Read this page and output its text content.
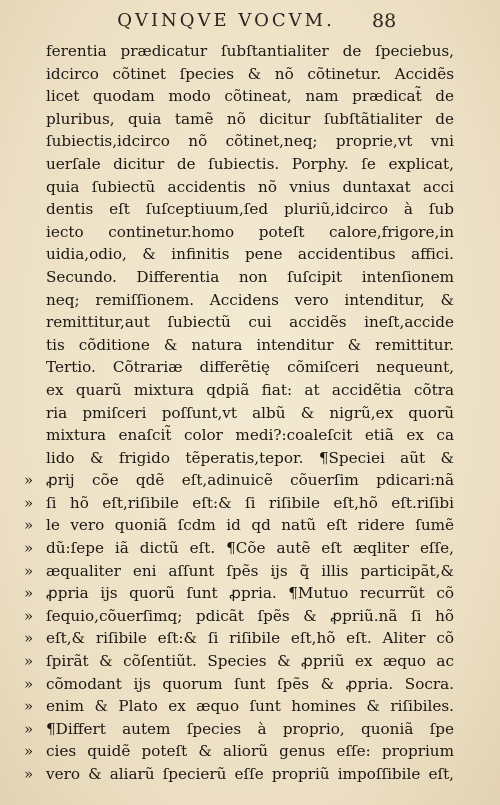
QVINQVE VOCVM.	88
ferentia prædicatur ſubſtantialiter de ſpeciebus,
idcirco cõtinet ſpecies & nõ cõtinetur. Accidẽs
licet quodam modo cõtineat, nam prædicat̃ de
pluribus, quia tamẽ nõ dicitur ſubſtãtialiter de
ſubiectis,idcirco nõ cõtinet,neq; proprie,vt vni
uerſale dicitur de ſubiectis. Porphy. ſe explicat,
quia ſubiectũ accidentis nõ vnius duntaxat acci
dentis eſt ſuſceptiuum,ſed pluriũ,idcirco à ſub
iecto continetur.homo poteſt calore,frigore,in
uidia,odio, & infinitis pene accidentibus affici.
Secundo. Differentia non ſuſcipit intenſionem
neq; remiſſionem. Accidens vero intenditur, &
remittitur,aut ſubiectũ cui accidẽs ineſt,accide
tis cõditione & natura intenditur & remittitur.
Tertio. Cõtrariæ differẽtię cõmiſceri nequeunt,
ex quarũ mixtura qdpiã fiat: at accidẽtia cõtra
ria pmiſceri poſſunt,vt albũ & nigrũ,ex quorũ
mixtura enaſcit̃ color medi?:coaleſcit etiã ex ca
lido & frigido tẽperatis,tepor. ¶Speciei aũt &
» ꝓrij cõe qdẽ eſt,adinuicẽ cõuerſim pdicari:nã
» ſi hõ eſt,riſibile eſt:& ſi riſibile eſt,hõ eſt.riſibi
» le vero quoniã ſcdm id qd natũ eſt ridere ſumẽ
» dũ:ſepe iã dictũ eſt. ¶Cõe autẽ eſt æqliter eſſe,
» æqualiter eni aſſunt ſpẽs ijs q̃ illis participãt,&
» ꝓpria ijs quorũ ſunt ꝓpria. ¶Mutuo recurrũt cõ
» ſequio,cõuerſimq; pdicãt ſpẽs & ꝓpriũ.nã ſi hõ
» eſt,& riſibile eſt:& ſi riſibile eſt,hõ eſt. Aliter cõ
» ſpirãt & cõſentiũt. Species & ꝓpriũ ex æquo ac
» cõmodant ijs quorum ſunt ſpẽs & ꝓpria. Socra.
» enim & Plato ex æquo ſunt homines & riſibiles.
» ¶Differt autem ſpecies à proprio, quoniã ſpe
» cies quidẽ poteſt & aliorũ genus eſſe: proprium
» vero & aliarũ ſpecierũ eſſe propriũ impoſſibile eſt,
